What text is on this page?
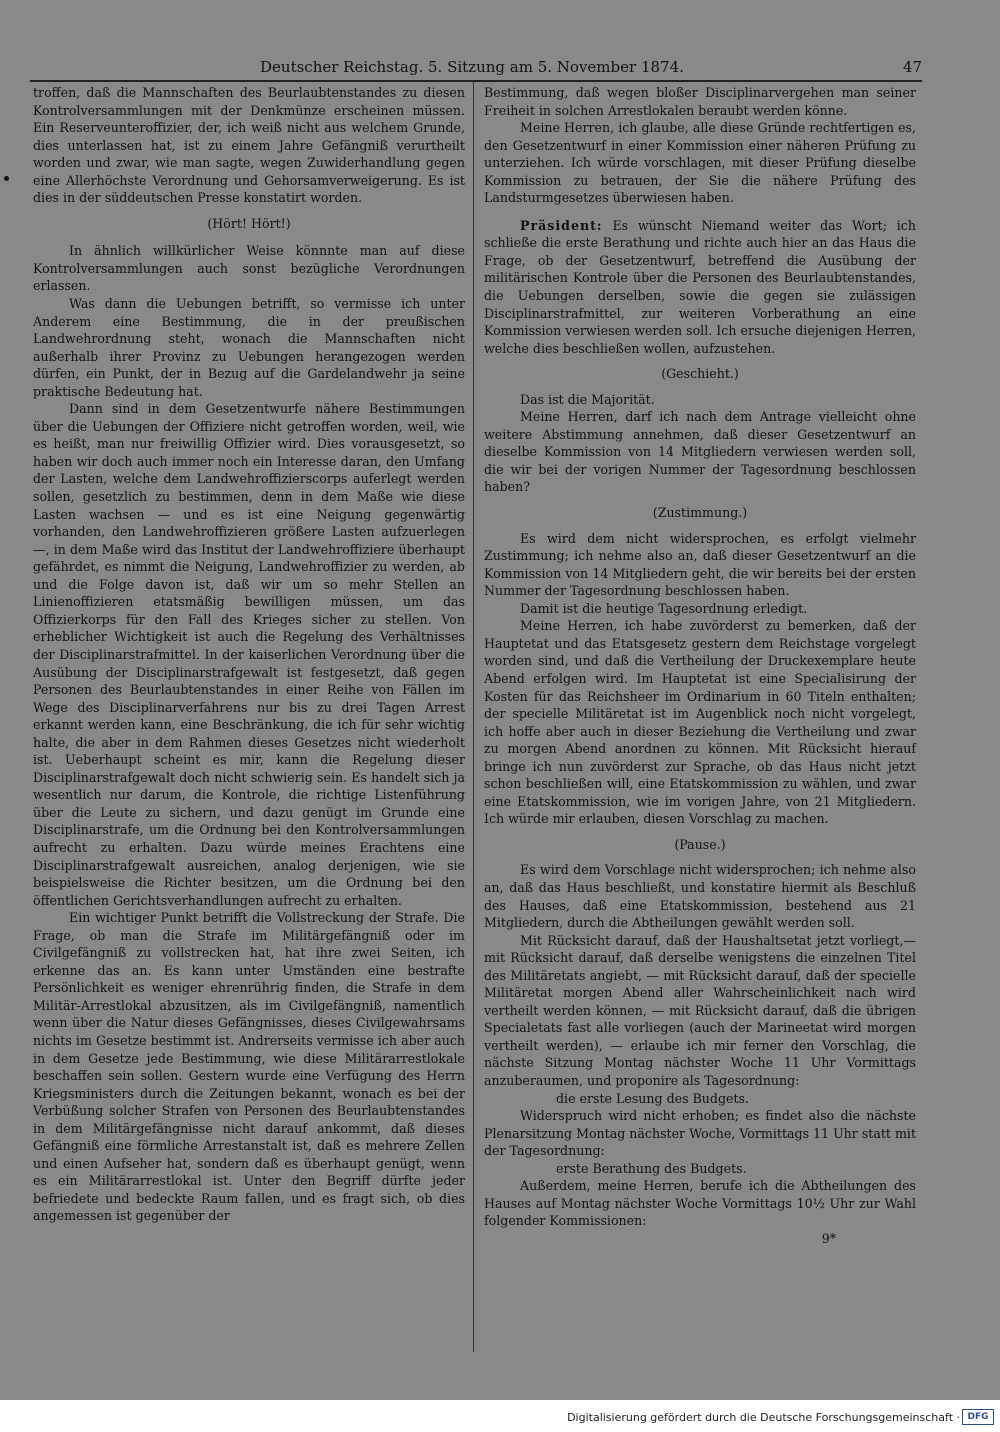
Deutscher Reichstag. 5. Sitzung am 5. November 1874.	47

troffen, daß die Mannschaften des Beurlaubtenstandes zu diesen Kontrolversammlungen mit der Denkmünze erscheinen müssen. Ein Reserveunteroffizier, der, ich weiß nicht aus welchem Grunde, dies unterlassen hat, ist zu einem Jahre Gefängniß verurtheilt worden und zwar, wie man sagte, wegen Zuwiderhandlung gegen eine Allerhöchste Verordnung und Gehorsamverweigerung. Es ist dies in der süddeutschen Presse konstatirt worden.

(Hört! Hört!)

In ähnlich willkürlicher Weise könnnte man auf diese Kontrolversammlungen auch sonst bezügliche Verordnungen erlassen.

Was dann die Uebungen betrifft, so vermisse ich unter Anderem eine Bestimmung, die in der preußischen Landwehrordnung steht, wonach die Mannschaften nicht außerhalb ihrer Provinz zu Uebungen herangezogen werden dürfen, ein Punkt, der in Bezug auf die Gardelandwehr ja seine praktische Bedeutung hat.

Dann sind in dem Gesetzentwurfe nähere Bestimmungen über die Uebungen der Offiziere nicht getroffen worden, weil, wie es heißt, man nur freiwillig Offizier wird. Dies vorausgesetzt, so haben wir doch auch immer noch ein Interesse daran, den Umfang der Lasten, welche dem Landwehroffizierscorps auferlegt werden sollen, gesetzlich zu bestimmen, denn in dem Maße wie diese Lasten wachsen — und es ist eine Neigung gegenwärtig vorhanden, den Landwehroffizieren größere Lasten aufzuerlegen —, in dem Maße wird das Institut der Landwehroffiziere überhaupt gefährdet, es nimmt die Neigung, Landwehroffizier zu werden, ab und die Folge davon ist, daß wir um so mehr Stellen an Linienoffizieren etatsmäßig bewilligen müssen, um das Offizierkorps für den Fall des Krieges sicher zu stellen. Von erheblicher Wichtigkeit ist auch die Regelung des Verhältnisses der Disciplinarstrafmittel. In der kaiserlichen Verordnung über die Ausübung der Disciplinarstrafgewalt ist festgesetzt, daß gegen Personen des Beurlaubtenstandes in einer Reihe von Fällen im Wege des Disciplinarverfahrens nur bis zu drei Tagen Arrest erkannt werden kann, eine Beschränkung, die ich für sehr wichtig halte, die aber in dem Rahmen dieses Gesetzes nicht wiederholt ist. Ueberhaupt scheint es mir, kann die Regelung dieser Disciplinarstrafgewalt doch nicht schwierig sein. Es handelt sich ja wesentlich nur darum, die Kontrole, die richtige Listenführung über die Leute zu sichern, und dazu genügt im Grunde eine Disciplinarstrafe, um die Ordnung bei den Kontrolversammlungen aufrecht zu erhalten. Dazu würde meines Erachtens eine Disciplinarstrafgewalt ausreichen, analog derjenigen, wie sie beispielsweise die Richter besitzen, um die Ordnung bei den öffentlichen Gerichtsverhandlungen aufrecht zu erhalten.

Ein wichtiger Punkt betrifft die Vollstreckung der Strafe. Die Frage, ob man die Strafe im Militärgefängniß oder im Civilgefängniß zu vollstrecken hat, hat ihre zwei Seiten, ich erkenne das an. Es kann unter Umständen eine bestrafte Persönlichkeit es weniger ehrenrührig finden, die Strafe in dem Militär-Arrestlokal abzusitzen, als im Civilgefängniß, namentlich wenn über die Natur dieses Gefängnisses, dieses Civilgewahrsams nichts im Gesetze bestimmt ist. Andrerseits vermisse ich aber auch in dem Gesetze jede Bestimmung, wie diese Militärarrestlokale beschaffen sein sollen. Gestern wurde eine Verfügung des Herrn Kriegsministers durch die Zeitungen bekannt, wonach es bei der Verbüßung solcher Strafen von Personen des Beurlaubtenstandes in dem Militärgefängnisse nicht darauf ankommt, daß dieses Gefängniß eine förmliche Arrestanstalt ist, daß es mehrere Zellen und einen Aufseher hat, sondern daß es überhaupt genügt, wenn es ein Militärarrestlokal ist. Unter den Begriff dürfte jeder befriedete und bedeckte Raum fallen, und es fragt sich, ob dies angemessen ist gegenüber der

Bestimmung, daß wegen bloßer Disciplinarvergehen man seiner Freiheit in solchen Arrestlokalen beraubt werden könne.

Meine Herren, ich glaube, alle diese Gründe rechtfertigen es, den Gesetzentwurf in einer Kommission einer näheren Prüfung zu unterziehen. Ich würde vorschlagen, mit dieser Prüfung dieselbe Kommission zu betrauen, der Sie die nähere Prüfung des Landsturmgesetzes überwiesen haben.

Präsident: Es wünscht Niemand weiter das Wort; ich schließe die erste Berathung und richte auch hier an das Haus die Frage, ob der Gesetzentwurf, betreffend die Ausübung der militärischen Kontrole über die Personen des Beurlaubtenstandes, die Uebungen derselben, sowie die gegen sie zulässigen Disciplinarstrafmittel, zur weiteren Vorberathung an eine Kommission verwiesen werden soll. Ich ersuche diejenigen Herren, welche dies beschließen wollen, aufzustehen.

(Geschieht.)

Das ist die Majorität.

Meine Herren, darf ich nach dem Antrage vielleicht ohne weitere Abstimmung annehmen, daß dieser Gesetzentwurf an dieselbe Kommission von 14 Mitgliedern verwiesen werden soll, die wir bei der vorigen Nummer der Tagesordnung beschlossen haben?

(Zustimmung.)

Es wird dem nicht widersprochen, es erfolgt vielmehr Zustimmung; ich nehme also an, daß dieser Gesetzentwurf an die Kommission von 14 Mitgliedern geht, die wir bereits bei der ersten Nummer der Tagesordnung beschlossen haben.

Damit ist die heutige Tagesordnung erledigt.

Meine Herren, ich habe zuvörderst zu bemerken, daß der Hauptetat und das Etatsgesetz gestern dem Reichstage vorgelegt worden sind, und daß die Vertheilung der Druckexemplare heute Abend erfolgen wird. Im Hauptetat ist eine Specialisirung der Kosten für das Reichsheer im Ordinarium in 60 Titeln enthalten; der specielle Militäretat ist im Augenblick noch nicht vorgelegt, ich hoffe aber auch in dieser Beziehung die Vertheilung und zwar zu morgen Abend anordnen zu können. Mit Rücksicht hierauf bringe ich nun zuvörderst zur Sprache, ob das Haus nicht jetzt schon beschließen will, eine Etatskommission zu wählen, und zwar eine Etatskommission, wie im vorigen Jahre, von 21 Mitgliedern. Ich würde mir erlauben, diesen Vorschlag zu machen.

(Pause.)

Es wird dem Vorschlage nicht widersprochen; ich nehme also an, daß das Haus beschließt, und konstatire hiermit als Beschluß des Hauses, daß eine Etatskommission, bestehend aus 21 Mitgliedern, durch die Abtheilungen gewählt werden soll.

Mit Rücksicht darauf, daß der Haushaltsetat jetzt vorliegt,— mit Rücksicht darauf, daß derselbe wenigstens die einzelnen Titel des Militäretats angiebt, — mit Rücksicht darauf, daß der specielle Militäretat morgen Abend aller Wahrscheinlichkeit nach wird vertheilt werden können, — mit Rücksicht darauf, daß die übrigen Specialetats fast alle vorliegen (auch der Marineetat wird morgen vertheilt werden), — erlaube ich mir ferner den Vorschlag, die nächste Sitzung Montag nächster Woche 11 Uhr Vormittags anzuberaumen, und proponire als Tagesordnung:

die erste Lesung des Budgets.

Widerspruch wird nicht erhoben; es findet also die nächste Plenarsitzung Montag nächster Woche, Vormittags 11 Uhr statt mit der Tagesordnung:

erste Berathung des Budgets.

Außerdem, meine Herren, berufe ich die Abtheilungen des Hauses auf Montag nächster Woche Vormittags 10½ Uhr zur Wahl folgender Kommissionen:

9*

Digitalisierung gefördert durch die Deutsche Forschungsgemeinschaft · DFG
